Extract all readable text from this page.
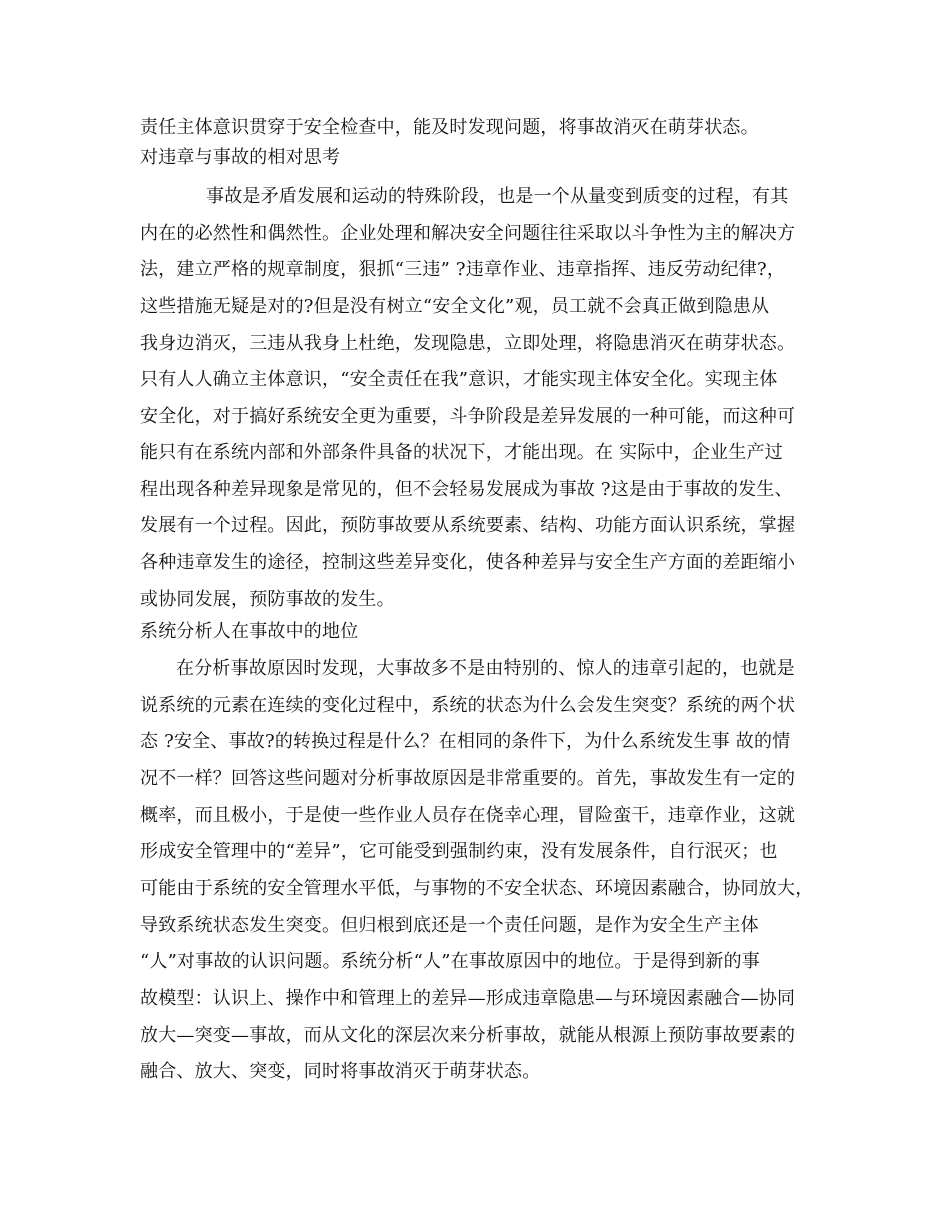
责任主体意识贯穿于安全检查中，能及时发现问题，将事故消灭在萌芽状态。
对违章与事故的相对思考
事故是矛盾发展和运动的特殊阶段，也是一个从量变到质变的过程，有其
内在的必然性和偶然性。企业处理和解决安全问题往往采取以斗争性为主的解决方
法，建立严格的规章制度，狠抓“三违” ?违章作业、违章指挥、违反劳动纪律?，
这些措施无疑是对的?但是没有树立“安全文化”观，员工就不会真正做到隐患从
我身边消灭，三违从我身上杜绝，发现隐患，立即处理，将隐患消灭在萌芽状态。
只有人人确立主体意识，“安全责任在我”意识，才能实现主体安全化。实现主体
安全化，对于搞好系统安全更为重要，斗争阶段是差异发展的一种可能，而这种可
能只有在系统内部和外部条件具备的状况下，才能出现。在 实际中，企业生产过
程出现各种差异现象是常见的，但不会轻易发展成为事故 ?这是由于事故的发生、
发展有一个过程。因此，预防事故要从系统要素、结构、功能方面认识系统，掌握
各种违章发生的途径，控制这些差异变化，使各种差异与安全生产方面的差距缩小
或协同发展，预防事故的发生。
系统分析人在事故中的地位
在分析事故原因时发现，大事故多不是由特别的、惊人的违章引起的，也就是
说系统的元素在连续的变化过程中，系统的状态为什么会发生突变？系统的两个状
态 ?安全、事故?的转换过程是什么？在相同的条件下，为什么系统发生事 故的情
况不一样？回答这些问题对分析事故原因是非常重要的。首先，事故发生有一定的
概率，而且极小，于是使一些作业人员存在侥幸心理，冒险蛮干，违章作业，这就
形成安全管理中的“差异”，它可能受到强制约束，没有发展条件，自行泯灭；也
可能由于系统的安全管理水平低，与事物的不安全状态、环境因素融合，协同放大，
导致系统状态发生突变。但归根到底还是一个责任问题，是作为安全生产主体
“人”对事故的认识问题。系统分析“人”在事故原因中的地位。于是得到新的事
故模型：认识上、操作中和管理上的差异—形成违章隐患—与环境因素融合—协同
放大—突变—事故，而从文化的深层次来分析事故，就能从根源上预防事故要素的
融合、放大、突变，同时将事故消灭于萌芽状态。
